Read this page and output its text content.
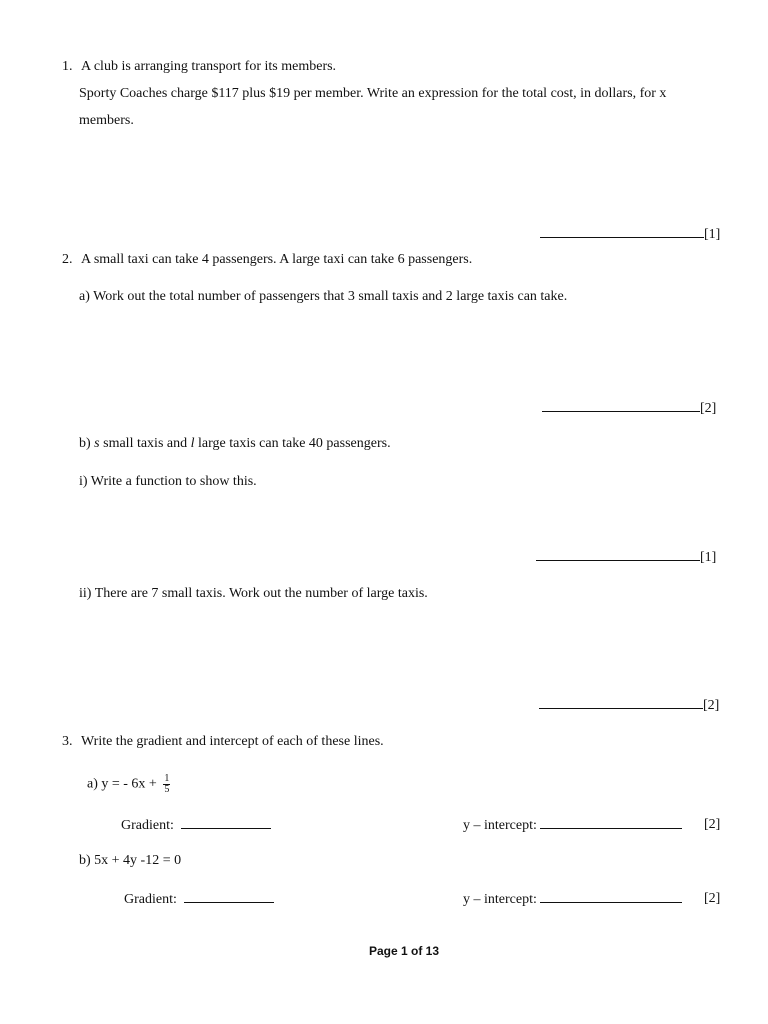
1. A club is arranging transport for its members.
Sporty Coaches charge $117 plus $19 per member. Write an expression for the total cost, in dollars, for x
members.
[1]
2. A small taxi can take 4 passengers. A large taxi can take 6 passengers.
a) Work out the total number of passengers that 3 small taxis and 2 large taxis can take.
[2]
b) s small taxis and l large taxis can take 40 passengers.
i) Write a function to show this.
[1]
ii) There are 7 small taxis. Work out the number of large taxis.
[2]
3. Write the gradient and intercept of each of these lines.
a) y = - $6x + \frac{1}{5}$
Gradient:	y – intercept:	[2]
b) 5x + 4y -12 = 0
Gradient:	y – intercept:	[2]
Page 1 of 13
